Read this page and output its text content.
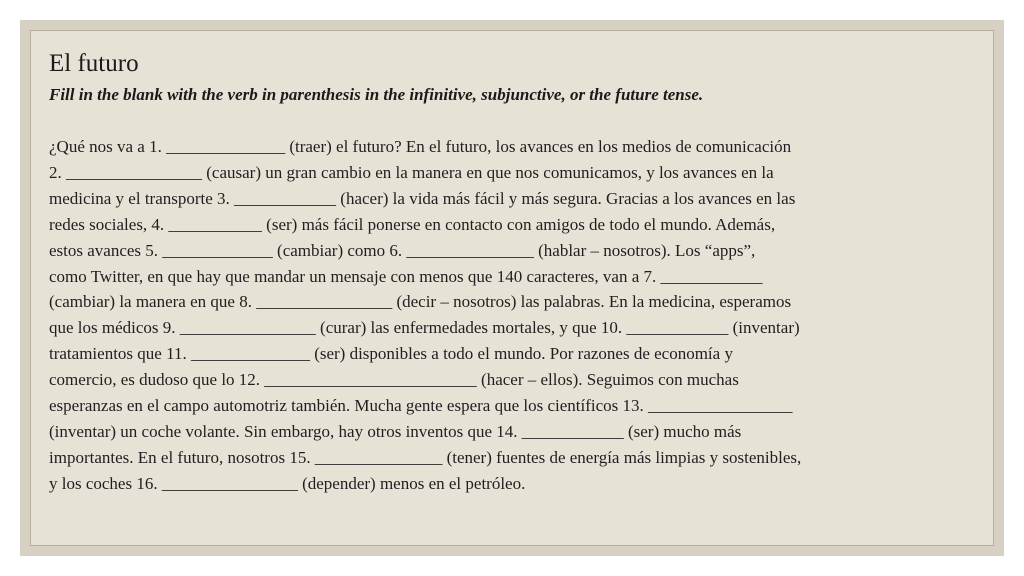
El futuro

Fill in the blank with the verb in parenthesis in the infinitive, subjunctive, or the future tense.

¿Qué nos va a 1. ______________ (traer) el futuro? En el futuro, los avances en los medios de comunicación
2. ________________ (causar) un gran cambio en la manera en que nos comunicamos, y los avances en la
medicina y el transporte 3. ____________ (hacer) la vida más fácil y más segura. Gracias a los avances en las
redes sociales, 4. ___________ (ser) más fácil ponerse en contacto con amigos de todo el mundo. Además,
estos avances 5. _____________ (cambiar) como 6. _______________ (hablar – nosotros). Los “apps”,
como Twitter, en que hay que mandar un mensaje con menos que 140 caracteres, van a 7. ____________
(cambiar) la manera en que 8. ________________ (decir – nosotros) las palabras. En la medicina, esperamos
que los médicos 9. ________________ (curar) las enfermedades mortales, y que 10. ____________ (inventar)
tratamientos que 11. ______________ (ser) disponibles a todo el mundo. Por razones de economía y
comercio, es dudoso que lo 12. _________________________ (hacer – ellos). Seguimos con muchas
esperanzas en el campo automotriz también. Mucha gente espera que los científicos 13. _________________
(inventar) un coche volante. Sin embargo, hay otros inventos que 14. ____________ (ser) mucho más
importantes. En el futuro, nosotros 15. _______________ (tener) fuentes de energía más limpias y sostenibles,
y los coches 16. ________________ (depender) menos en el petróleo.
